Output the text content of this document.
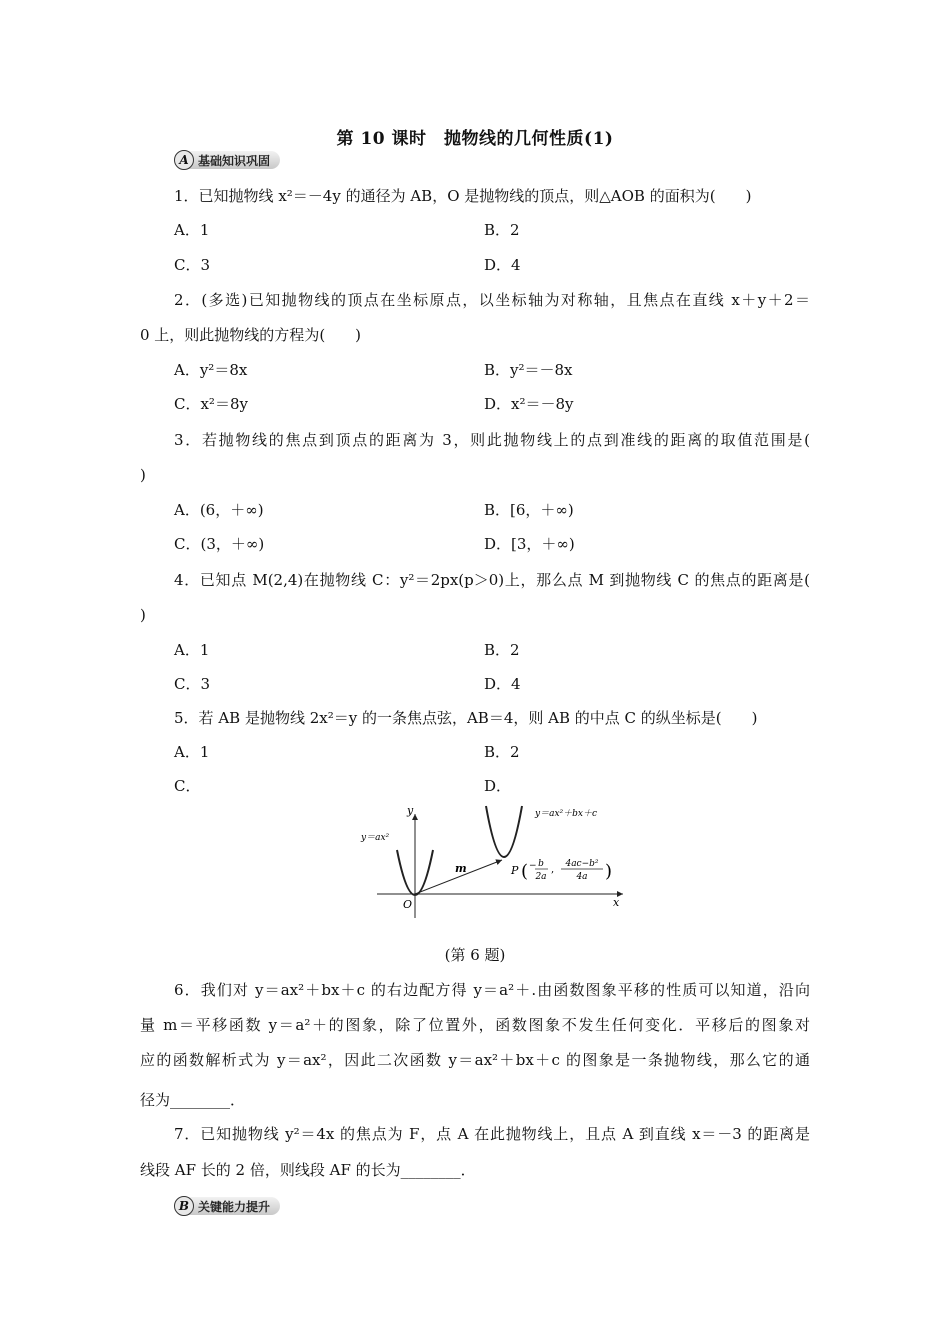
第 10 课时　抛物线的几何性质(1)
A 基础知识巩固
1．已知抛物线 x²＝－4y 的通径为 AB，O 是抛物线的顶点，则△AOB 的面积为(　　)
A．1	B．2
C．3	D．4
2．(多选)已知抛物线的顶点在坐标原点，以坐标轴为对称轴，且焦点在直线 x＋y＋2＝
0 上，则此抛物线的方程为(　　)
A．y²＝8x	B．y²＝－8x
C．x²＝8y	D．x²＝－8y
3．若抛物线的焦点到顶点的距离为 3，则此抛物线上的点到准线的距离的取值范围是(
)
A．(6，＋∞)	B．[6，＋∞)
C．(3，＋∞)	D．[3，＋∞)
4．已知点 M(2,4)在抛物线 C：y²＝2px(p＞0)上，那么点 M 到抛物线 C 的焦点的距离是(
)
A．1	B．2
C．3	D．4
5．若 AB 是抛物线 2x²＝y 的一条焦点弦，AB＝4，则 AB 的中点 C 的纵坐标是(　　)
A．1	B．2
C．	D．
y
x
O
m
y＝ax²
y＝ax²＋bx＋c
P ( − b
2a
, 4ac−b²
4a )
(第 6 题)
6．我们对 y＝ax²＋bx＋c 的右边配方得 y＝a²＋.由函数图象平移的性质可以知道，沿向
量 m＝平移函数 y＝a²＋的图象，除了位置外，函数图象不发生任何变化．平移后的图象对
应的函数解析式为 y＝ax²，因此二次函数 y＝ax²＋bx＋c 的图象是一条抛物线，那么它的通
径为________．
7．已知抛物线 y²＝4x 的焦点为 F，点 A 在此抛物线上，且点 A 到直线 x＝－3 的距离是
线段 AF 长的 2 倍，则线段 AF 的长为________．
B 关键能力提升
